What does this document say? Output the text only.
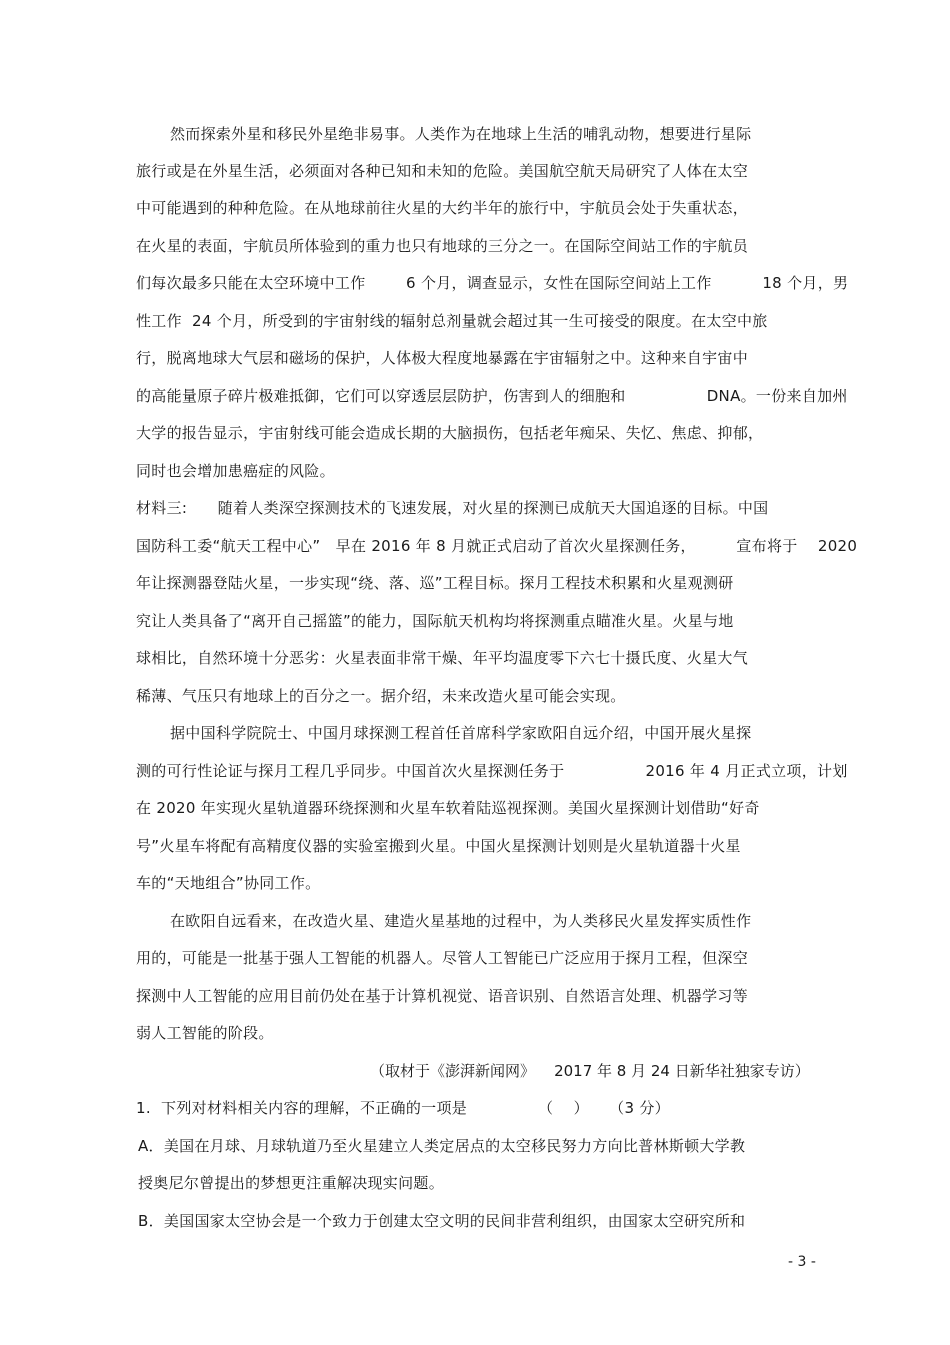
然而探索外星和移民外星绝非易事。人类作为在地球上生活的哺乳动物，想要进行星际
旅行或是在外星生活，必须面对各种已知和未知的危险。美国航空航天局研究了人体在太空
中可能遇到的种种危险。在从地球前往火星的大约半年的旅行中，宇航员会处于失重状态，
在火星的表面，宇航员所体验到的重力也只有地球的三分之一。在国际空间站工作的宇航员
们每次最多只能在太空环境中工作        6 个月，调查显示，女性在国际空间站上工作          18 个月，男
性工作  24 个月，所受到的宇宙射线的辐射总剂量就会超过其一生可接受的限度。在太空中旅
行，脱离地球大气层和磁场的保护，人体极大程度地暴露在宇宙辐射之中。这种来自宇宙中
的高能量原子碎片极难抵御，它们可以穿透层层防护，伤害到人的细胞和                DNA。一份来自加州
大学的报告显示，宇宙射线可能会造成长期的大脑损伤，包括老年痴呆、失忆、焦虑、抑郁，
同时也会增加患癌症的风险。
材料三:      随着人类深空探测技术的飞速发展，对火星的探测已成航天大国追逐的目标。中国
国防科工委“航天工程中心”   早在 2016 年 8 月就正式启动了首次火星探测任务，        宣布将于    2020
年让探测器登陆火星，一步实现“绕、落、巡”工程目标。探月工程技术积累和火星观测研
究让人类具备了“离开自己摇篮”的能力，国际航天机构均将探测重点瞄准火星。火星与地
球相比，自然环境十分恶劣：火星表面非常干燥、年平均温度零下六七十摄氏度、火星大气
稀薄、气压只有地球上的百分之一。据介绍，未来改造火星可能会实现。
据中国科学院院士、中国月球探测工程首任首席科学家欧阳自远介绍，中国开展火星探
测的可行性论证与探月工程几乎同步。中国首次火星探测任务于                2016 年 4 月正式立项，计划
在 2020 年实现火星轨道器环绕探测和火星车软着陆巡视探测。美国火星探测计划借助“好奇
号”火星车将配有高精度仪器的实验室搬到火星。中国火星探测计划则是火星轨道器十火星
车的“天地组合”协同工作。
在欧阳自远看来，在改造火星、建造火星基地的过程中，为人类移民火星发挥实质性作
用的，可能是一批基于强人工智能的机器人。尽管人工智能已广泛应用于探月工程，但深空
探测中人工智能的应用目前仍处在基于计算机视觉、语音识别、自然语言处理、机器学习等
弱人工智能的阶段。
（取材于《澎湃新闻网》    2017 年 8 月 24 日新华社独家专访）
1.  下列对材料相关内容的理解，不正确的一项是              （    ）    （3 分）
A．美国在月球、月球轨道乃至火星建立人类定居点的太空移民努力方向比普林斯顿大学教
授奥尼尔曾提出的梦想更注重解决现实问题。
B．美国国家太空协会是一个致力于创建太空文明的民间非营利组织，由国家太空研究所和
- 3 -
